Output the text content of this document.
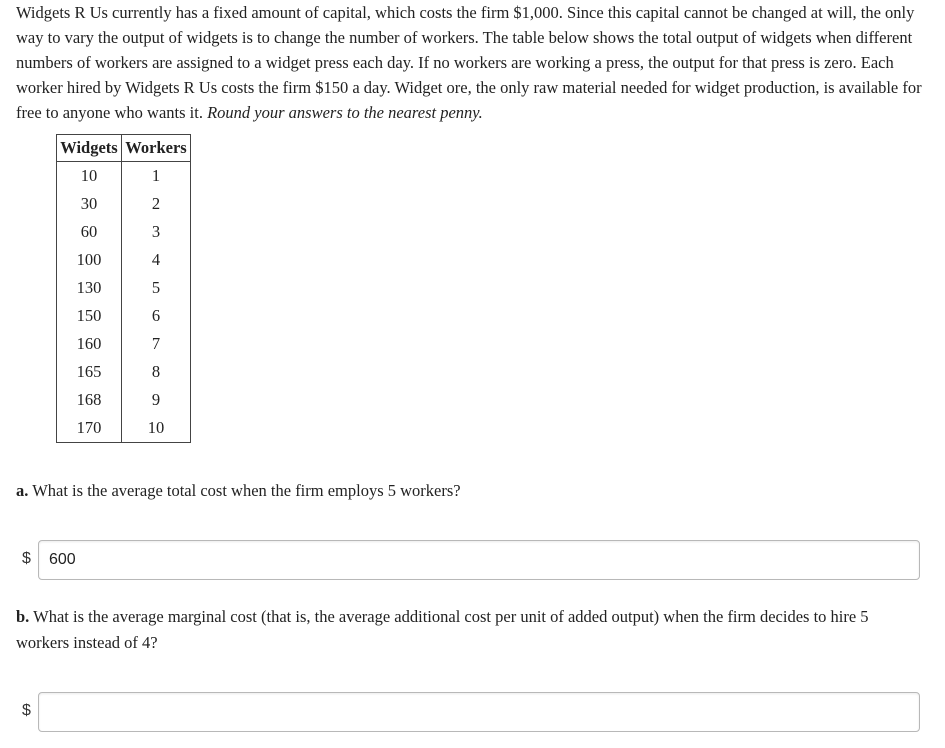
Widgets R Us currently has a fixed amount of capital, which costs the firm $1,000. Since this capital cannot be changed at will, the only way to vary the output of widgets is to change the number of workers. The table below shows the total output of widgets when different numbers of workers are assigned to a widget press each day. If no workers are working a press, the output for that press is zero. Each worker hired by Widgets R Us costs the firm $150 a day. Widget ore, the only raw material needed for widget production, is available for free to anyone who wants it. Round your answers to the nearest penny.

Widgets	Workers
10	1
30	2
60	3
100	4
130	5
150	6
160	7
165	8
168	9
170	10

a. What is the average total cost when the firm employs 5 workers?

$
600

b. What is the average marginal cost (that is, the average additional cost per unit of added output) when the firm decides to hire 5 workers instead of 4?

$
